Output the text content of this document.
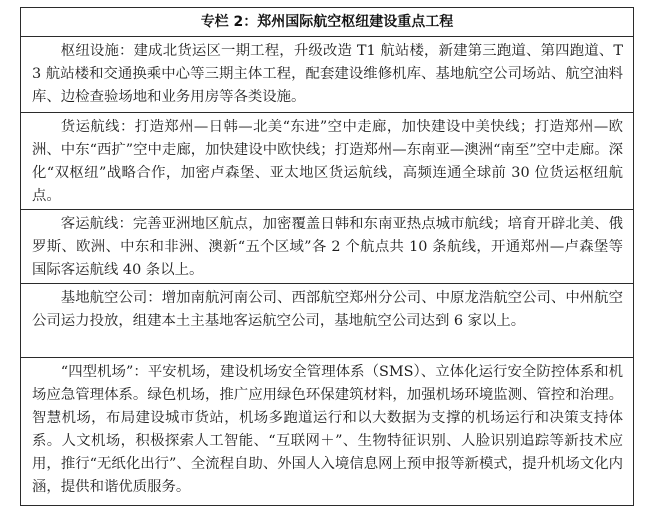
专栏 2：郑州国际航空枢纽建设重点工程
枢纽设施：建成北货运区一期工程，升级改造 T1 航站楼，新建第三跑道、第四跑道、T3 航站楼和交通换乘中心等三期主体工程，配套建设维修机库、基地航空公司场站、航空油料库、边检查验场地和业务用房等各类设施。
货运航线：打造郑州—日韩—北美“东进”空中走廊，加快建设中美快线；打造郑州—欧洲、中东“西扩”空中走廊，加快建设中欧快线；打造郑州—东南亚—澳洲“南至”空中走廊。深化“双枢纽”战略合作，加密卢森堡、亚太地区货运航线，高频连通全球前 30 位货运枢纽航点。
客运航线：完善亚洲地区航点，加密覆盖日韩和东南亚热点城市航线；培育开辟北美、俄罗斯、欧洲、中东和非洲、澳新“五个区域”各 2 个航点共 10 条航线，开通郑州—卢森堡等国际客运航线 40 条以上。
基地航空公司：增加南航河南公司、西部航空郑州分公司、中原龙浩航空公司、中州航空公司运力投放，组建本土主基地客运航空公司，基地航空公司达到 6 家以上。
“四型机场”：平安机场，建设机场安全管理体系（SMS）、立体化运行安全防控体系和机场应急管理体系。绿色机场，推广应用绿色环保建筑材料，加强机场环境监测、管控和治理。智慧机场，布局建设城市货站，机场多跑道运行和以大数据为支撑的机场运行和决策支持体系。人文机场，积极探索人工智能、“互联网＋”、生物特征识别、人脸识别追踪等新技术应用，推行“无纸化出行”、全流程自助、外国人入境信息网上预申报等新模式，提升机场文化内涵，提供和谐优质服务。
